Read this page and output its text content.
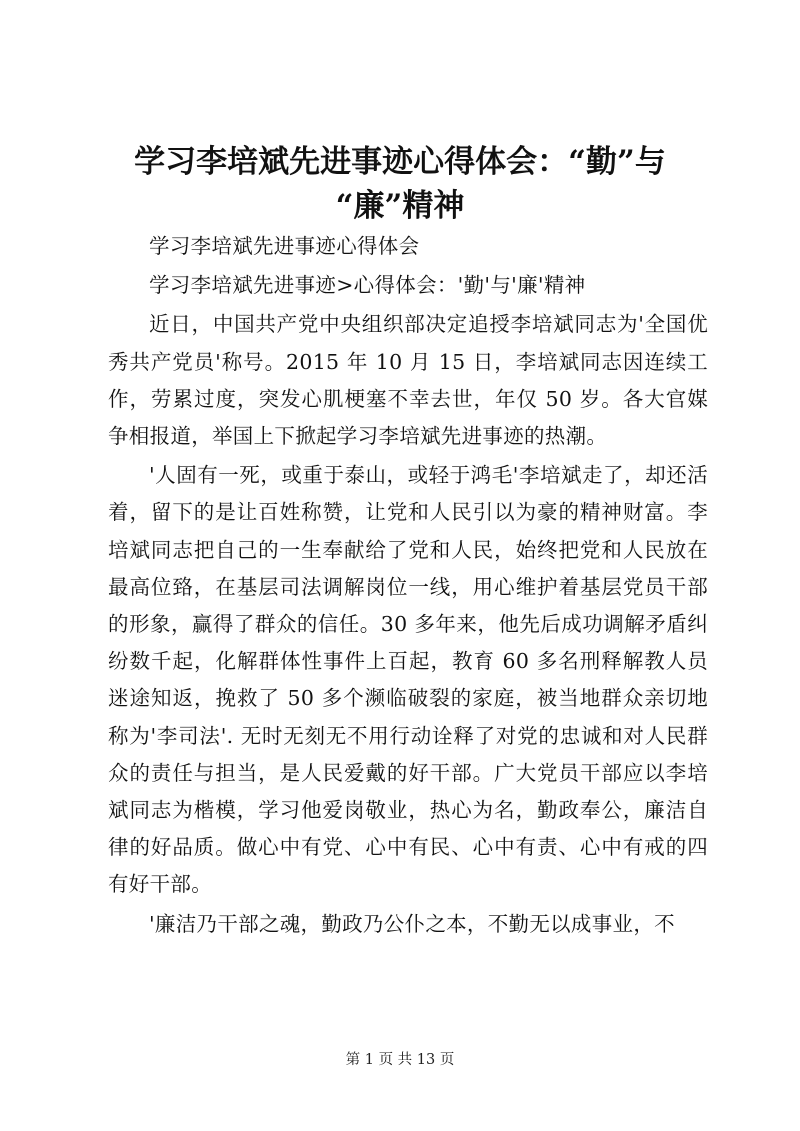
学习李培斌先进事迹心得体会：“勤”与
“廉”精神

学习李培斌先进事迹心得体会

学习李培斌先进事迹>心得体会：'勤'与'廉'精神

近日，中国共产党中央组织部决定追授李培斌同志为'全国优秀共产党员'称号。2015 年 10 月 15 日，李培斌同志因连续工作，劳累过度，突发心肌梗塞不幸去世，年仅 50 岁。各大官媒争相报道，举国上下掀起学习李培斌先进事迹的热潮。

'人固有一死，或重于泰山，或轻于鸿毛'李培斌走了，却还活着，留下的是让百姓称赞，让党和人民引以为豪的精神财富。李培斌同志把自己的一生奉献给了党和人民，始终把党和人民放在最高位臵，在基层司法调解岗位一线，用心维护着基层党员干部的形象，赢得了群众的信任。30 多年来，他先后成功调解矛盾纠纷数千起，化解群体性事件上百起，教育 60 多名刑释解教人员迷途知返，挽救了 50 多个濒临破裂的家庭，被当地群众亲切地称为'李司法'. 无时无刻无不用行动诠释了对党的忠诚和对人民群众的责任与担当，是人民爱戴的好干部。广大党员干部应以李培斌同志为楷模，学习他爱岗敬业，热心为名，勤政奉公，廉洁自律的好品质。做心中有党、心中有民、心中有责、心中有戒的四有好干部。

'廉洁乃干部之魂，勤政乃公仆之本，不勤无以成事业，不

第 1 页 共 13 页
